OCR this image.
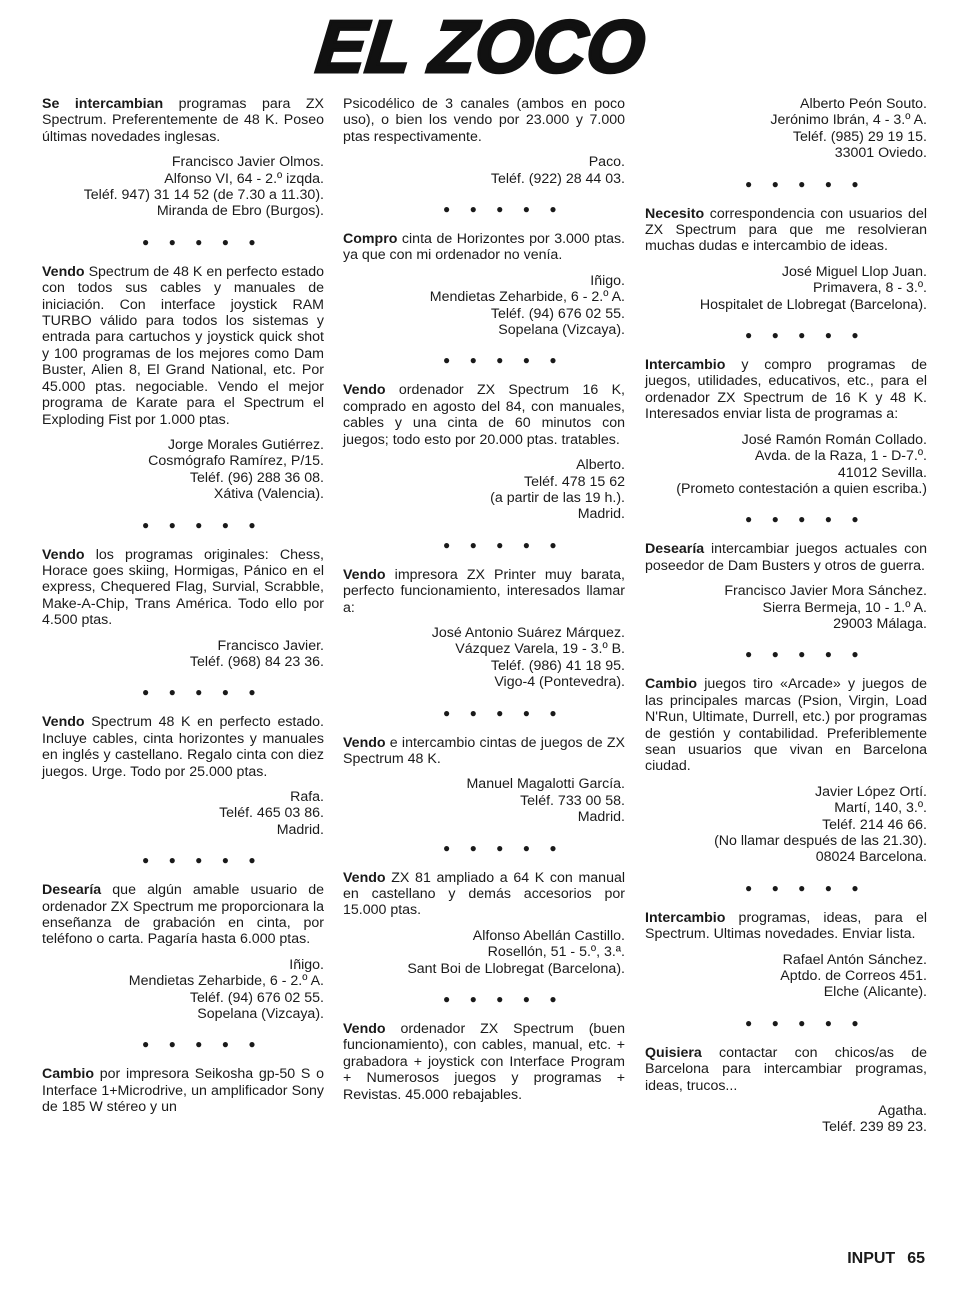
EL ZOCO
Se intercambian programas para ZX Spectrum. Preferentemente de 48 K. Poseo últimas novedades inglesas.
Francisco Javier Olmos.
Alfonso VI, 64 - 2.º izqda.
Teléf. 947) 31 14 52 (de 7.30 a 11.30).
Miranda de Ebro (Burgos).
● ● ● ● ●
Vendo Spectrum de 48 K en perfecto estado con todos sus cables y manuales de iniciación. Con interface joystick RAM TURBO válido para todos los sistemas y entrada para cartuchos y joystick quick shot y 100 programas de los mejores como Dam Buster, Alien 8, El Grand National, etc. Por 45.000 ptas. negociable. Vendo el mejor programa de Karate para el Spectrum el Exploding Fist por 1.000 ptas.
Jorge Morales Gutiérrez.
Cosmógrafo Ramírez, P/15.
Teléf. (96) 288 36 08.
Xátiva (Valencia).
● ● ● ● ●
Vendo los programas originales: Chess, Horace goes skiing, Hormigas, Pánico en el express, Chequered Flag, Survial, Scrabble, Make-A-Chip, Trans América. Todo ello por 4.500 ptas.
Francisco Javier.
Teléf. (968) 84 23 36.
● ● ● ● ●
Vendo Spectrum 48 K en perfecto estado. Incluye cables, cinta horizontes y manuales en inglés y castellano. Regalo cinta con diez juegos. Urge. Todo por 25.000 ptas.
Rafa.
Teléf. 465 03 86.
Madrid.
● ● ● ● ●
Desearía que algún amable usuario de ordenador ZX Spectrum me proporcionara la enseñanza de grabación en cinta, por teléfono o carta. Pagaría hasta 6.000 ptas.
Iñigo.
Mendietas Zeharbide, 6 - 2.º A.
Teléf. (94) 676 02 55.
Sopelana (Vizcaya).
● ● ● ● ●
Cambio por impresora Seikosha gp-50 S o Interface 1+Microdrive, un amplificador Sony de 185 W stéreo y un
Psicodélico de 3 canales (ambos en poco uso), o bien los vendo por 23.000 y 7.000 ptas respectivamente.
Paco.
Teléf. (922) 28 44 03.
● ● ● ● ●
Compro cinta de Horizontes por 3.000 ptas. ya que con mi ordenador no venía.
Iñigo.
Mendietas Zeharbide, 6 - 2.º A.
Teléf. (94) 676 02 55.
Sopelana (Vizcaya).
● ● ● ● ●
Vendo ordenador ZX Spectrum 16 K, comprado en agosto del 84, con manuales, cables y una cinta de 60 minutos con juegos; todo esto por 20.000 ptas. tratables.
Alberto.
Teléf. 478 15 62
(a partir de las 19 h.).
Madrid.
● ● ● ● ●
Vendo impresora ZX Printer muy barata, perfecto funcionamiento, interesados llamar a:
José Antonio Suárez Márquez.
Vázquez Varela, 19 - 3.º B.
Teléf. (986) 41 18 95.
Vigo-4 (Pontevedra).
● ● ● ● ●
Vendo e intercambio cintas de juegos de ZX Spectrum 48 K.
Manuel Magalotti García.
Teléf. 733 00 58.
Madrid.
● ● ● ● ●
Vendo ZX 81 ampliado a 64 K con manual en castellano y demás accesorios por 15.000 ptas.
Alfonso Abellán Castillo.
Rosellón, 51 - 5.º, 3.ª.
Sant Boi de Llobregat (Barcelona).
● ● ● ● ●
Vendo ordenador ZX Spectrum (buen funcionamiento), con cables, manual, etc. + grabadora + joystick con Interface Program + Numerosos juegos y programas + Revistas. 45.000 rebajables.
Alberto Peón Souto.
Jerónimo Ibrán, 4 - 3.º A.
Teléf. (985) 29 19 15.
33001 Oviedo.
● ● ● ● ●
Necesito correspondencia con usuarios del ZX Spectrum para que me resolvieran muchas dudas e intercambio de ideas.
José Miguel Llop Juan.
Primavera, 8 - 3.º.
Hospitalet de Llobregat (Barcelona).
● ● ● ● ●
Intercambio y compro programas de juegos, utilidades, educativos, etc., para el ordenador ZX Spectrum de 16 K y 48 K. Interesados enviar lista de programas a:
José Ramón Román Collado.
Avda. de la Raza, 1 - D-7.º.
41012 Sevilla.
(Prometo contestación a quien escriba.)
● ● ● ● ●
Desearía intercambiar juegos actuales con poseedor de Dam Busters y otros de guerra.
Francisco Javier Mora Sánchez.
Sierra Bermeja, 10 - 1.º A.
29003 Málaga.
● ● ● ● ●
Cambio juegos tiro «Arcade» y juegos de las principales marcas (Psion, Virgin, Load N'Run, Ultimate, Durrell, etc.) por programas de gestión y contabilidad. Preferiblemente sean usuarios que vivan en Barcelona ciudad.
Javier López Ortí.
Martí, 140, 3.º.
Teléf. 214 46 66.
(No llamar después de las 21.30).
08024 Barcelona.
● ● ● ● ●
Intercambio programas, ideas, para el Spectrum. Ultimas novedades. Enviar lista.
Rafael Antón Sánchez.
Aptdo. de Correos 451.
Elche (Alicante).
● ● ● ● ●
Quisiera contactar con chicos/as de Barcelona para intercambiar programas, ideas, trucos...
Agatha.
Teléf. 239 89 23.
INPUT 65
